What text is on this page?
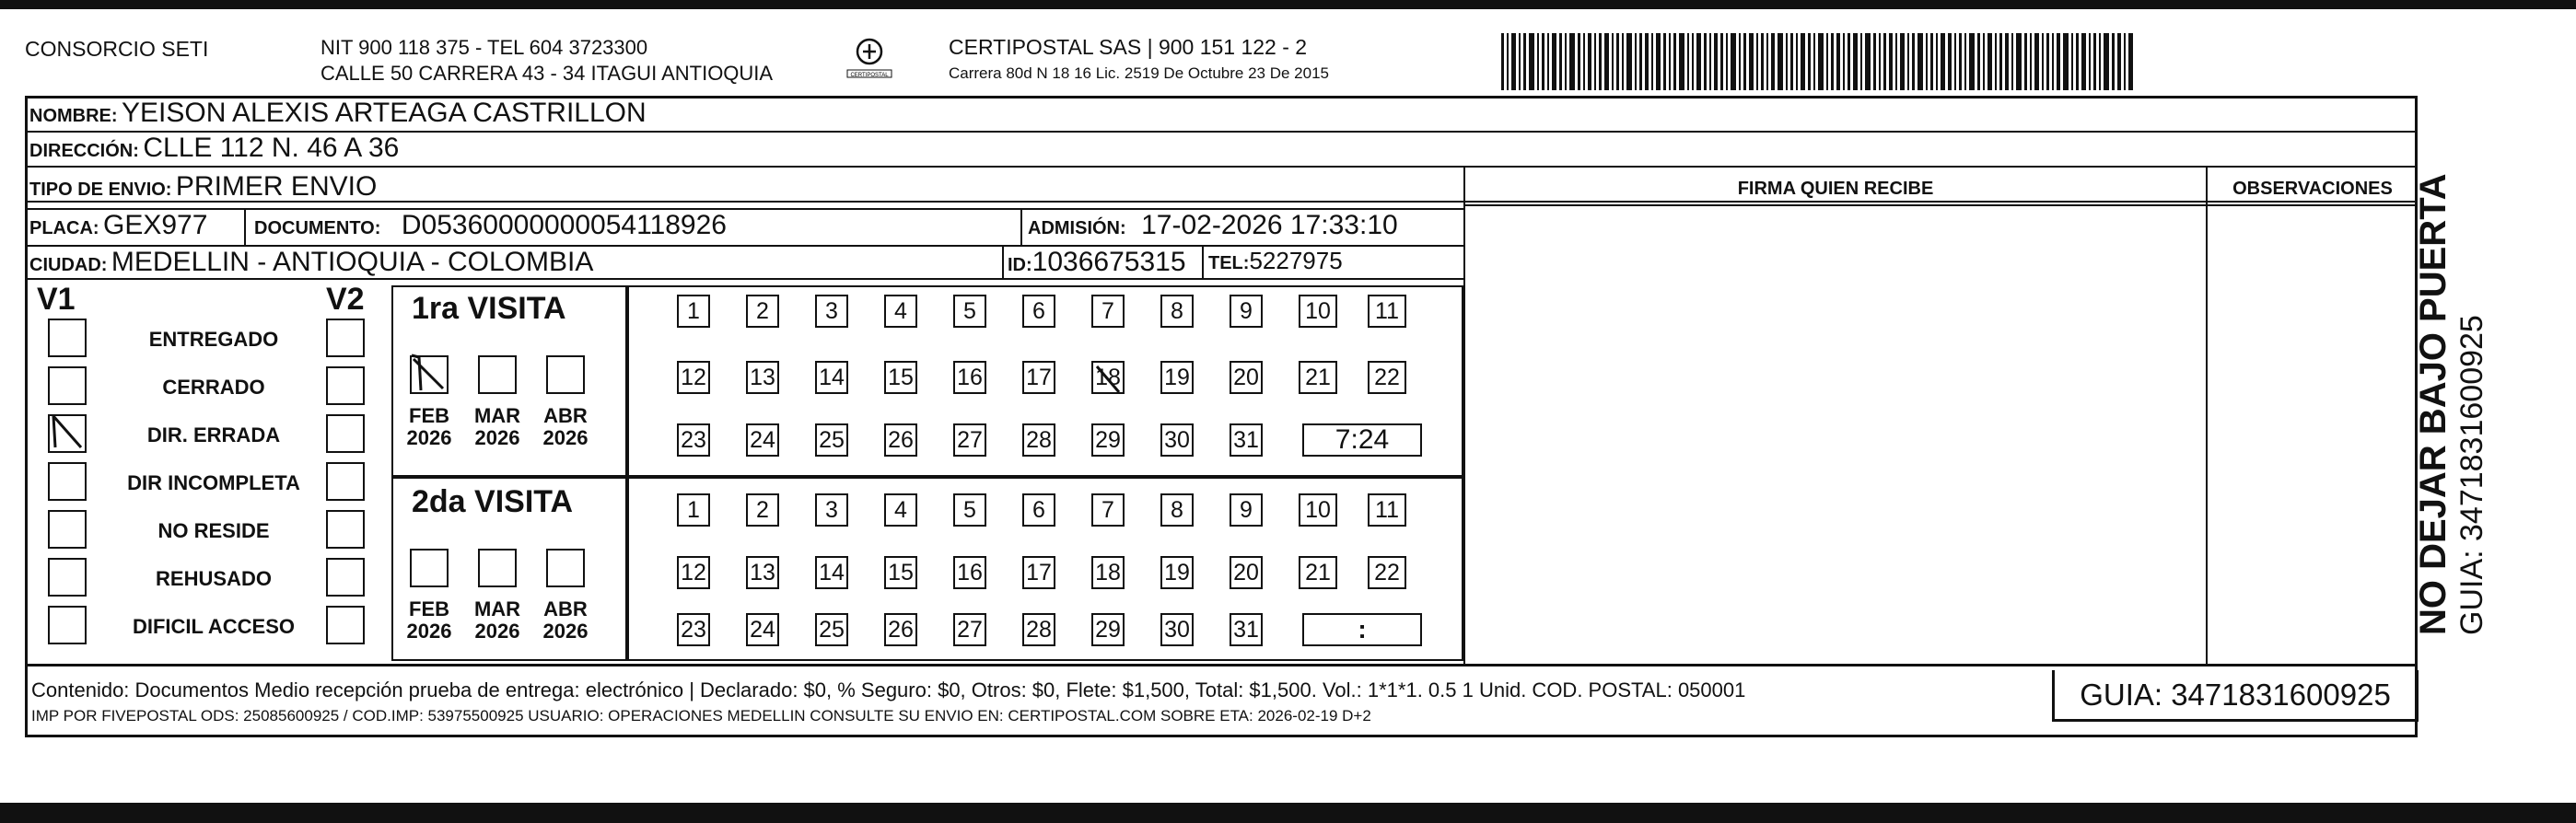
CONSORCIO SETI	NIT 900 118 375 - TEL 604 3723300
CALLE 50 CARRERA 43 - 34 ITAGUI ANTIOQUIA	CERTIPOSTAL
CERTIPOSTAL SAS | 900 151 122 - 2
Carrera 80d N 18 16 Lic. 2519 De Octubre 23 De 2015
NOMBRE: YEISON ALEXIS ARTEAGA CASTRILLON
DIRECCIÓN: CLLE 112 N. 46 A 36
TIPO DE ENVIO: PRIMER ENVIO
PLACA: GEX977	DOCUMENTO: D05360000000054118926	ADMISIÓN: 17-02-2026 17:33:10
CIUDAD: MEDELLIN - ANTIOQUIA - COLOMBIA	ID:1036675315 TEL:5227975
FIRMA QUIEN RECIBE	OBSERVACIONES
V1	V2
ENTREGADO
CERRADO
DIR. ERRADA
DIR INCOMPLETA
NO RESIDE
REHUSADO
DIFICIL ACCESO
1ra VISITA
2da VISITA
FEB
2026
MAR
2026
ABR
2026
FEB
2026
MAR
2026
ABR
2026
1	2	3	4	5	6	7	8	9	10	11
12 13 14 15 16 17 18 19 20 21 22
23 24 25 26 27 28 29 30 31	7:24
1	2	3	4	5	6	7	8	9	10	11
12 13 14 15 16 17 18 19 20 21 22
23 24 25 26 27 28 29 30 31	:	NO DEJAR BAJO PUERTA GUIA: 3471831600925
Contenido: Documentos Medio recepción prueba de entrega: electrónico | Declarado: $0, % Seguro: $0, Otros: $0, Flete: $1,500, Total: $1,500. Vol.: 1*1*1. 0.5 1 Unid. COD. POSTAL: 050001
IMP POR FIVEPOSTAL ODS: 25085600925 / COD.IMP: 53975500925 USUARIO: OPERACIONES MEDELLIN CONSULTE SU ENVIO EN: CERTIPOSTAL.COM SOBRE ETA: 2026-02-19 D+2
GUIA: 3471831600925
